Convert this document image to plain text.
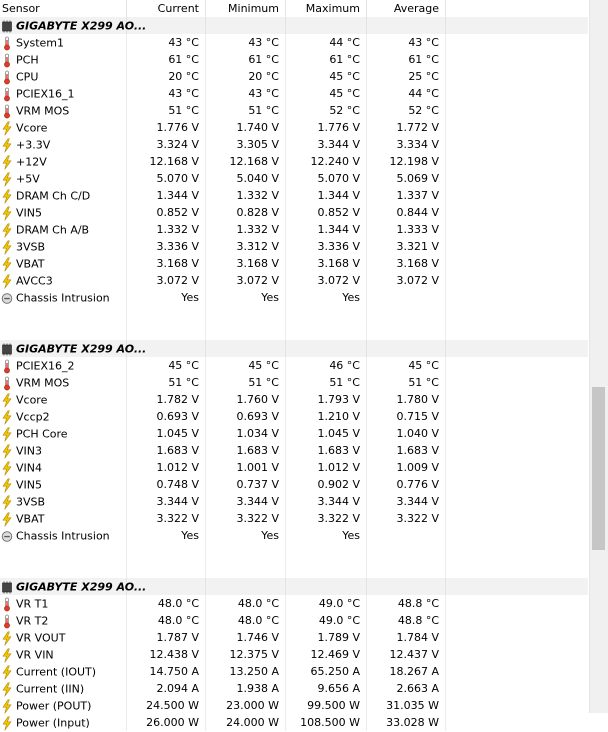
Sensor	Current	Minimum	Maximum	Average
GIGABYTE X299 AO...
System1	43 °C	43 °C	44 °C	43 °C
PCH	61 °C	61 °C	61 °C	61 °C
CPU	20 °C	20 °C	45 °C	25 °C
PCIEX16_1	43 °C	43 °C	45 °C	44 °C
VRM MOS	51 °C	51 °C	52 °C	52 °C
Vcore	1.776 V	1.740 V	1.776 V	1.772 V
+3.3V	3.324 V	3.305 V	3.344 V	3.334 V
+12V	12.168 V	12.168 V	12.240 V	12.198 V
+5V	5.070 V	5.040 V	5.070 V	5.069 V
DRAM Ch C/D	1.344 V	1.332 V	1.344 V	1.337 V
VIN5	0.852 V	0.828 V	0.852 V	0.844 V
DRAM Ch A/B	1.332 V	1.332 V	1.344 V	1.333 V
3VSB	3.336 V	3.312 V	3.336 V	3.321 V
VBAT	3.168 V	3.168 V	3.168 V	3.168 V
AVCC3	3.072 V	3.072 V	3.072 V	3.072 V
Chassis Intrusion	Yes	Yes	Yes
GIGABYTE X299 AO...
PCIEX16_2	45 °C	45 °C	46 °C	45 °C
VRM MOS	51 °C	51 °C	51 °C	51 °C
Vcore	1.782 V	1.760 V	1.793 V	1.780 V
Vccp2	0.693 V	0.693 V	1.210 V	0.715 V
PCH Core	1.045 V	1.034 V	1.045 V	1.040 V
VIN3	1.683 V	1.683 V	1.683 V	1.683 V
VIN4	1.012 V	1.001 V	1.012 V	1.009 V
VIN5	0.748 V	0.737 V	0.902 V	0.776 V
3VSB	3.344 V	3.344 V	3.344 V	3.344 V
VBAT	3.322 V	3.322 V	3.322 V	3.322 V
Chassis Intrusion	Yes	Yes	Yes
GIGABYTE X299 AO...
VR T1	48.0 °C	48.0 °C	49.0 °C	48.8 °C
VR T2	48.0 °C	48.0 °C	49.0 °C	48.8 °C
VR VOUT	1.787 V	1.746 V	1.789 V	1.784 V
VR VIN	12.438 V	12.375 V	12.469 V	12.437 V
Current (IOUT)	14.750 A	13.250 A	65.250 A	18.267 A
Current (IIN)	2.094 A	1.938 A	9.656 A	2.663 A
Power (POUT)	24.500 W	23.000 W	99.500 W	31.035 W
Power (Input)	26.000 W	24.000 W	108.500 W	33.028 W
